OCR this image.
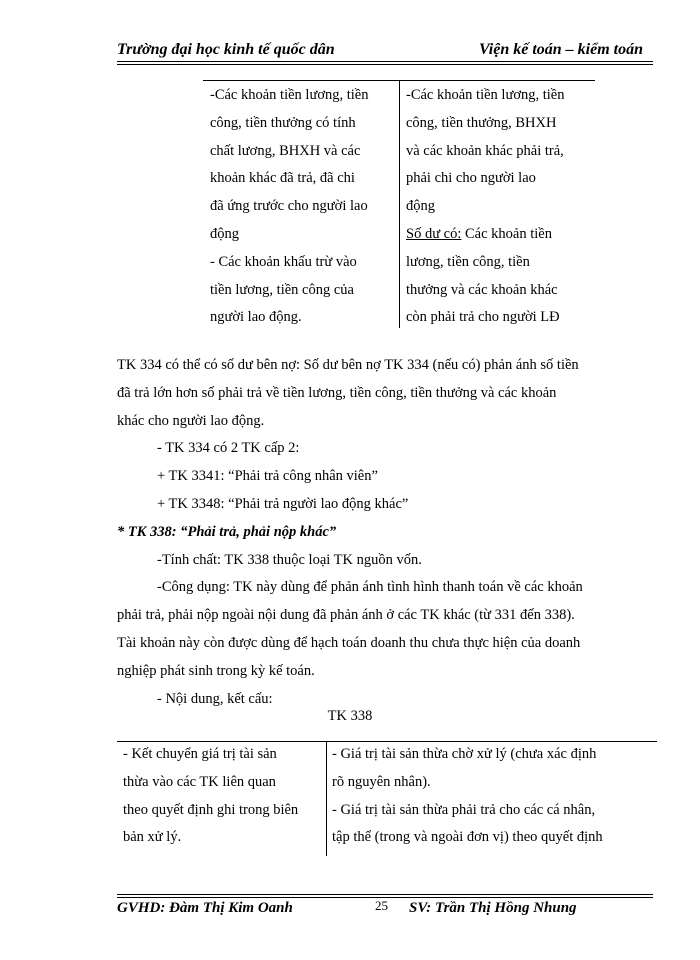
Trường đại học kinh tế quốc dân	Viện kế toán – kiểm toán
-Các khoản tiền lương, tiền
công, tiền thưởng có tính
chất lương, BHXH và các
khoản khác đã trả, đã chi
đã ứng trước cho người lao
động
- Các khoản khấu trừ vào
tiền lương, tiền công của
người lao động.
-Các khoản tiền lương, tiền
công, tiền thưởng, BHXH
và các khoản khác phải trả,
phải chi cho người lao
động
Số dư có: Các khoản tiền
lương, tiền công, tiền
thưởng và các khoản khác
còn phải trả cho người LĐ
TK 334 có thể có số dư bên nợ: Số dư bên nợ TK 334 (nếu có) phản ánh số tiền
đã trả lớn hơn số phải trả về tiền lương, tiền công, tiền thưởng và các khoản
khác cho người lao động.
- TK 334 có 2 TK cấp 2:
+ TK 3341: “Phải trả công nhân viên”
+ TK 3348: “Phải trả người lao động khác”
* TK 338: “Phải trả, phải nộp khác”
-Tính chất: TK 338 thuộc loại TK nguồn vốn.
-Công dụng: TK này dùng để phản ánh tình hình thanh toán về các khoản
phải trả, phải nộp ngoài nội dung đã phản ánh ở các TK khác (từ 331 đến 338).
Tài khoản này còn được dùng để hạch toán doanh thu chưa thực hiện của doanh
nghiệp phát sinh trong kỳ kế toán.
- Nội dung, kết cấu:
TK 338
- Kết chuyển giá trị tài sản
thừa vào các TK liên quan
theo quyết định ghi trong biên
bản xử lý.
- Giá trị tài sản thừa chờ xử lý (chưa xác định
rõ nguyên nhân).
- Giá trị tài sản thừa phải trả cho các cá nhân,
tập thể (trong và ngoài đơn vị) theo quyết định
GVHD: Đàm Thị Kim Oanh	25 SV: Trần Thị Hồng Nhung
